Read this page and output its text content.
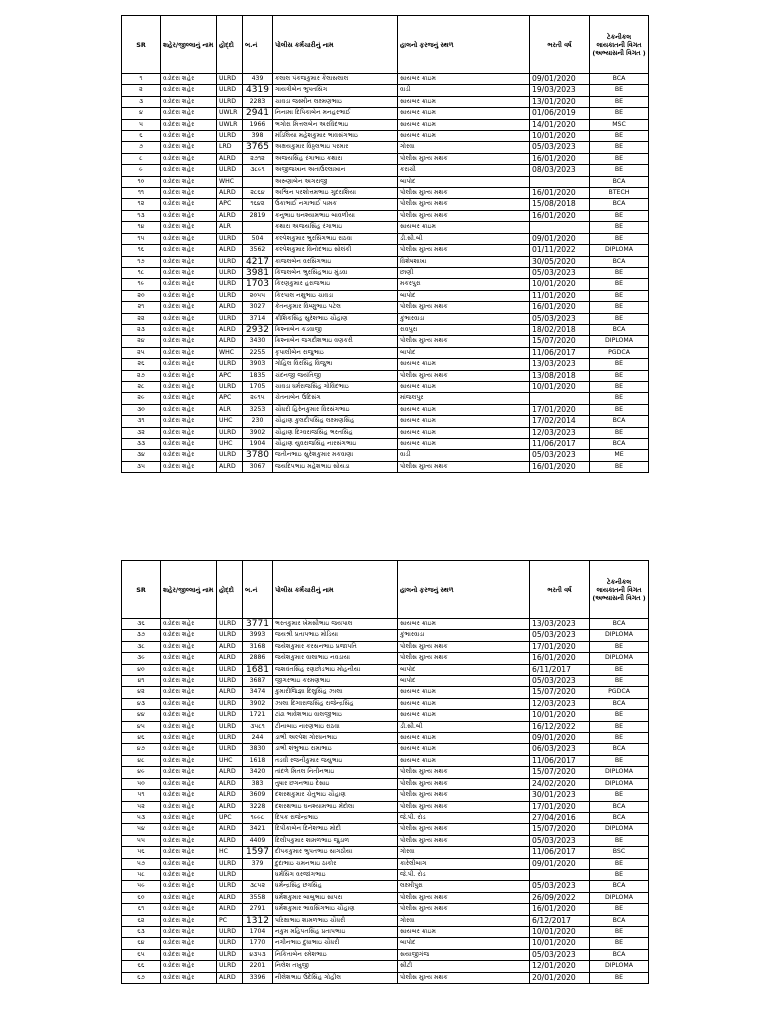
SR	શહેર/જીલ્લાનું નામ	હોદ્દો	બ.નં	પોલીસ કર્મચારીનું નામ	હાલનો ફરજનું સ્થળ	ભરતી વર્ષ	ટેકનીકલ લાયકાતની વિગત (અભ્યાસની વિગત )
૧	વડોદરા શહેર	ULRD	439	કલાલ પંકજકુમાર કૈલાસલાલ	સાયબર ક્રાઇમ	09/01/2020	BCA
૨	વડોદરા શહેર	ULRD	4319	ગાયત્રીબેન ભુપતસિંગ	વાડી	19/03/2023	BE
૩	વડોદરા શહેર	ULRD	2283	ચાવડા જસ્મીન લક્ષ્મણભાઇ	સાયબર ક્રાઇમ	13/01/2020	BE
૪	વડોદરા શહેર	UWLR	2941	નિનામા દિપિકાબેન મનહરભાઈ	સાયબર ક્રાઇમ	01/06/2019	BE
૫	વડોદરા શહેર	UWLR	1966	ભગોરા મિત્તલબેન અરવિંદભાઇ	સાયબર ક્રાઇમ	14/01/2020	MSC
૬	વડોદરા શહેર	ULRD	398	મંડિલિયા મહેશકુમાર ભાવસંગભાઇ	સાયબર ક્રાઇમ	10/01/2020	BE
૭	વડોદરા શહેર	LRD	3765	અક્ષયકુમાર વિઠ્ઠલભાઇ પરમાર	ગોરવા	05/03/2023	BE
૮	વડોદરા શહેર	ALRD	૨૭૧૨	અજયસિંહ રંગાભાઇ કથારા	પોલીસ મુખ્ય મથક	16/01/2020	BE
૯	વડોદરા શહેર	ULRD	૩૮૯૧	અજીજખાન અતાઉલ્લાખાન	કરાચી	08/03/2023	BE
૧૦	વડોદરા શહેર	WHC		અરુણાબેન અગરાજી	બાપોદ		BCA
૧૧	વડોદરા શહેર	ALRD	૨૮૬૪	અશ્વિન પરશોત્તમભાઇ ગુદરાશિયા	પોલીસ મુખ્ય મથક	16/01/2020	BTECH
૧૨	વડોદરા શહેર	APC	૧૬૪૨	ઉકાભાઈ નગાભાઈ પામક	પોલીસ મુખ્ય મથક	15/08/2018	BCA
૧૩	વડોદરા શહેર	ALRD	2819	કનુભાઇ ઘનશ્યામભાઇ બાવળીયા	પોલીસ મુખ્ય મથક	16/01/2020	BE
૧૪	વડોદરા શહેર	ALR		કથારા અજયસિંહ રંગાભાઇ	સાયબર ક્રાઇમ		BE
૧૫	વડોદરા શહેર	ULRD	504	કલ્પેશકુમાર ભુરસિંગભાઇ રાઠવા	ડી.સી.બી	09/01/2020	BE
૧૬	વડોદરા શહેર	ALRD	3562	કલ્પેશકુમાર વિનોદભાઇ સોલંકી	પોલીસ મુખ્ય મથક	01/11/2022	DIPLOMA
૧૭	વડોદરા શહેર	ULRD	4217	કાજલબેન વરસિંગભાઇ	વિશેષશાખા	30/05/2020	BCA
૧૮	વડોદરા શહેર	ULRD	3981	કિંજલબેન ભુરસિંહભાઇ મુંડવા	છાણી	05/03/2023	BE
૧૯	વડોદરા શહેર	ULRD	1703	કિરણકુમાર હરાજભાઇ	મકરપુરા	10/01/2020	BE
૨૦	વડોદરા શહેર	ULRD	૨૦૫૫	કિરપાલ નથુભાઇ ચાવડા	બાપોદ	11/01/2020	BE
૨૧	વડોદરા શહેર	ALRD	3027	કેતનકુમાર વિષ્ણુભાઇ પટેલ	પોલીસ મુખ્ય મથક	16/01/2020	BE
૨૨	વડોદરા શહેર	ULRD	3714	ક્રીશિકસિંહ સુરેશભાઇ ચૌહાણ	કુંભારવાડા	05/03/2023	BE
૨૩	વડોદરા શહેર	ALRD	2932	ક્રિશ્નાબેન કડવાજી	રાવપુરા	18/02/2018	BCA
૨૪	વડોદરા શહેર	ALRD	3430	ક્રિશ્નાબેન જગદીશભાઇ વણકરી	પોલીસ મુખ્ય મથક	15/07/2020	DIPLOMA
૨૫	વડોદરા શહેર	WHC	2255	કૃપાલીબેન રાજુભાઇ	બાપોદ	11/06/2017	PGDCA
૨૬	વડોદરા શહેર	ULRD	3903	ગોહિલ વિરસિંહ વિજુભા	સાયબર ક્રાઇમ	13/03/2023	BE
૨૭	વડોદરા શહેર	APC	1835	ચંદનજી જયંતિજી	પોલીસ મુખ્ય મથક	13/08/2018	BE
૨૮	વડોદરા શહેર	ULRD	1705	ચાવડા ધર્મરાજસિંહ ગોવિંદભાઇ	સાયબર ક્રાઇમ	10/01/2020	BE
૨૯	વડોદરા શહેર	APC	૨૯૧૫	ચેતનાબેન ઉદિસંગ	માંજલપુર		BE
૩૦	વડોદરા શહેર	ALR	3253	ચૌધરી હિરેનકુમાર વિરસંગભાઇ	સાયબર ક્રાઇમ	17/01/2020	BE
૩૧	વડોદરા શહેર	UHC	230	ચૌહાણ કુલદીપસિંહ લક્ષ્મણસિંહ	સાયબર ક્રાઇમ	17/02/2014	BCA
૩૨	વડોદરા શહેર	ULRD	3902	ચૌહાણ દિગ્વરાજસિંહ ભરતસિંહ	સાયબર ક્રાઇમ	12/03/2023	BE
૩૩	વડોદરા શહેર	UHC	1904	ચૌહાણ યુવરાજસિંહ નારસંગભાઇ	સાયબર ક્રાઇમ	11/06/2017	BCA
૩૪	વડોદરા શહેર	ULRD	3780	જતીનભાઇ સુરેશકુમાર મકવાણા	વાડી	05/03/2023	ME
૩૫	વડોદરા શહેર	ALRD	3067	જયદિપભાઇ મહેશભાઇ સોયડા	પોલીસ મુખ્ય મથક	16/01/2020	BE
SR	શહેર/જીલ્લાનું નામ	હોદ્દો	બ.નં	પોલીસ કર્મચારીનું નામ	હાલનો ફરજનું સ્થળ	ભરતી વર્ષ	ટેકનીકલ લાયકાતની વિગત (અભ્યાસની વિગત )
૩૬	વડોદરા શહેર	ULRD	3771	ભરતકુમાર ખેમસીભાઇ જયપાલ	સાયબર ક્રાઇમ	13/03/2023	BCA
૩૭	વડોદરા શહેર	ULRD	3993	જયશ્રી પ્રતાપભાઇ મોડિયા	કુંભારવાડા	05/03/2023	DIPLOMA
૩૮	વડોદરા શહેર	ALRD	3168	જયેશકુમાર કરસનભાઇ પ્રજાપતિ	પોલીસ મુખ્ય મથક	17/01/2020	BE
૩૯	વડોદરા શહેર	ALRD	2886	જયેશકુમાર વાલાભાઇ નવડાયા	પોલીસ મુખ્ય મથક	16/01/2020	DIPLOMA
૪૦	વડોદરા શહેર	ULRD	1681	જશવંતસિંહ રણછોડભાઇ મોહનીયા	બાપોદ	6/11/2017	BE
૪૧	વડોદરા શહેર	ULRD	3687	જીગરભાઇ કરમણભાઇ	બાપોદ	05/03/2023	BE
૪૨	વડોદરા શહેર	ALRD	3474	કુમારીજિજ્ઞા દિલુસિંહ ઝાલા	સાયબર ક્રાઇમ	15/07/2020	PGDCA
૪૩	વડોદરા શહેર	ULRD	3902	ઝાલા દિગ્વરાજસિંહ રાજેન્દ્રસિંહ	સાયબર ક્રાઇમ	12/03/2023	BCA
૪૪	વડોદરા શહેર	ULRD	1721	ટાંઢા ભાવેશભાઇ વાલજીભાઇ	સાયબર ક્રાઇમ	10/01/2020	BE
૪૫	વડોદરા શહેર	ULRD	૩૫૮૧	ટીનાબાઇ નારણભાઇ રાઠવા	ડી.સી.બી	16/12/2022	BE
૪૬	વડોદરા શહેર	ULRD	244	ડાભી અલ્પેશ ગોરધનભાઇ	સાયબર ક્રાઇમ	09/01/2020	BE
૪૭	વડોદરા શહેર	ULRD	3830	ડાભી શંભુભાઇ રામાભાઇ	સાયબર ક્રાઇમ	06/03/2023	BCA
૪૮	વડોદરા શહેર	UHC	1618	તડવી રજનીકુમાર જયુભાઇ	સાયબર ક્રાઇમ	11/06/2017	BE
૪૯	વડોદરા શહેર	ALRD	3420	તાંદળે મિતલ નિતીનભાઇ	પોલીસ મુખ્ય મથક	15/07/2020	DIPLOMA
૫૦	વડોદરા શહેર	ALRD	383	તુષાર છગનભાઇ દેસાઇ	પોલીસ મુખ્ય મથક	24/02/2020	DIPLOMA
૫૧	વડોદરા શહેર	ALRD	3609	દશરથકુમાર ચેતુભાઇ ચૌહાણ	પોલીસ મુખ્ય મથક	30/01/2023	BE
૫૨	વડોદરા શહેર	ALRD	3228	દશરથભાઇ ઘનશ્યામભાઇ મેંદોલા	પોલીસ મુખ્ય મથક	17/01/2020	BCA
૫૩	વડોદરા શહેર	UPC	૧૯૯૮	દિપક રાજેન્દ્રભાઇ	જે.પી. રોડ	27/04/2016	BCA
૫૪	વડોદરા શહેર	ALRD	3421	દિપીકાબેન દિનેશભાઇ મોદી	પોલીસ મુખ્ય મથક	15/07/2020	DIPLOMA
૫૫	વડોદરા શહેર	ALRD	4409	દિલીપકુમાર શામળભાઇ જુડાળ	પોલીસ મુખ્ય મથક	05/03/2023	BE
૫૬	વડોદરા શહેર	HC	1597	દીપકકુમાર ભુપતભાઇ સાગઠીયા	ગોરવા	11/06/2017	BSC
૫૭	વડોદરા શહેર	ULRD	379	દુદાભાઇ ચમનભાઇ ઠાકોર	કારેલીબાગ	09/01/2020	BE
૫૮	વડોદરા શહેર	ULRD		ધર્મસિંગ વરજાંગભાઇ	જે.પી. રોડ		BE
૫૯	વડોદરા શહેર	ULRD	૩૮૫૨	ધર્મેન્દ્રસિંહ છત્રસિંહ	લક્ષ્મીપુરા	05/03/2023	BCA
૬૦	વડોદરા શહેર	ALRD	3558	ધર્મેશકુમાર બાબુભાઇ સાપરા	પોલીસ મુખ્ય મથક	26/09/2022	DIPLOMA
૬૧	વડોદરા શહેર	ALRD	2791	ધર્મેશકુમાર ભાવસિંગભાઇ ચૌહાણ	પોલીસ મુખ્ય મથક	16/01/2020	BE
૬૨	વડોદરા શહેર	PC	1312	પરિક્ષાભાઇ શામળભાઇ ચૌધરી	ગોરવા	6/12/2017	BCA
૬૩	વડોદરા શહેર	ULRD	1704	નકુમ મહિપતસિંહ પ્રતાપભાઇ	સાયબર ક્રાઇમ	10/01/2020	BE
૬૪	વડોદરા શહેર	ULRD	1770	નગીનભાઇ દુધાભાઇ ચૌધરી	બાપોદ	10/01/2020	BE
૬૫	વડોદરા શહેર	ULRD	૪૩૫૩	નિકિતાબેન રમેશભાઇ	સયાજીગંજ	05/03/2023	BCA
૬૬	વડોદરા શહેર	ULRD	2201	નિલેશ તખુજી	સીટી	12/01/2020	DIPLOMA
૬૭	વડોદરા શહેર	ALRD	3396	નીલેશભાઇ ઉદેસિંહ ગોહીલ	પોલીસ મુખ્ય મથક	20/01/2020	BE
